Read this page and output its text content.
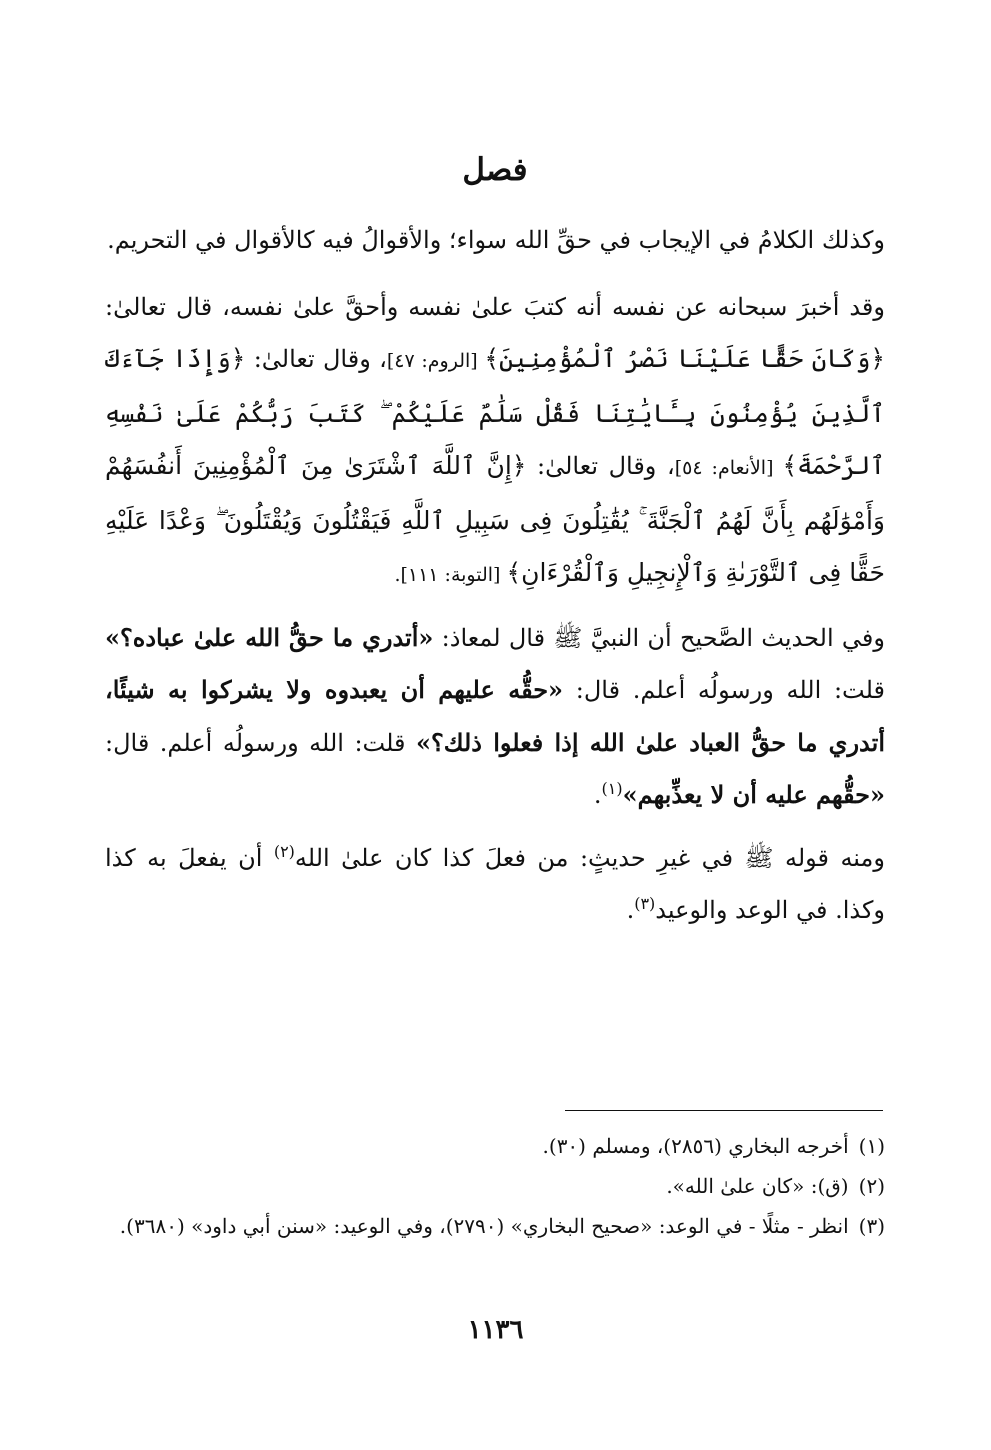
فصل

وكذلك الكلامُ في الإيجاب في حقِّ الله سواء؛ والأقوالُ فيه كالأقوال في التحريم.

وقد أخبرَ سبحانه عن نفسه أنه كتبَ علىٰ نفسه وأحقَّ علىٰ نفسه، قال تعالىٰ: ﴿وَكَانَ حَقًّا عَلَيْنَا نَصْرُ ٱلْمُؤْمِنِينَ﴾ [الروم: ٤٧]، وقال تعالىٰ: ﴿وَإِذَا جَآءَكَ ٱلَّذِينَ يُؤْمِنُونَ بِـَٔايَٰتِنَا فَقُلْ سَلَٰمٌ عَلَيْكُمْ ۖ كَتَبَ رَبُّكُمْ عَلَىٰ نَفْسِهِ ٱلرَّحْمَةَ﴾ [الأنعام: ٥٤]، وقال تعالىٰ: ﴿إِنَّ ٱللَّهَ ٱشْتَرَىٰ مِنَ ٱلْمُؤْمِنِينَ أَنفُسَهُمْ وَأَمْوَٰلَهُم بِأَنَّ لَهُمُ ٱلْجَنَّةَ ۚ يُقَٰتِلُونَ فِى سَبِيلِ ٱللَّهِ فَيَقْتُلُونَ وَيُقْتَلُونَ ۖ وَعْدًا عَلَيْهِ حَقًّا فِى ٱلتَّوْرَىٰةِ وَٱلْإِنجِيلِ وَٱلْقُرْءَانِ﴾ [التوبة: ١١١].

وفي الحديث الصَّحيح أن النبيَّ ﷺ قال لمعاذ: «أتدري ما حقُّ الله علىٰ عباده؟» قلت: الله ورسولُه أعلم. قال: «حقُّه عليهم أن يعبدوه ولا يشركوا به شيئًا، أتدري ما حقُّ العباد علىٰ الله إذا فعلوا ذلك؟» قلت: الله ورسولُه أعلم. قال: «حقُّهم عليه أن لا يعذِّبهم»$^{(١)}$.

ومنه قوله ﷺ في غيرِ حديثٍ: من فعلَ كذا كان علىٰ الله$^{(٢)}$ أن يفعلَ به كذا وكذا. في الوعد والوعيد$^{(٣)}$.

(١)أخرجه البخاري (٢٨٥٦)، ومسلم (٣٠).

(٢)(ق): «كان علىٰ الله».

(٣)انظر - مثلًا - في الوعد: «صحيح البخاري» (٢٧٩٠)، وفي الوعيد: «سنن أبي داود» (٣٦٨٠).

١١٣٦
